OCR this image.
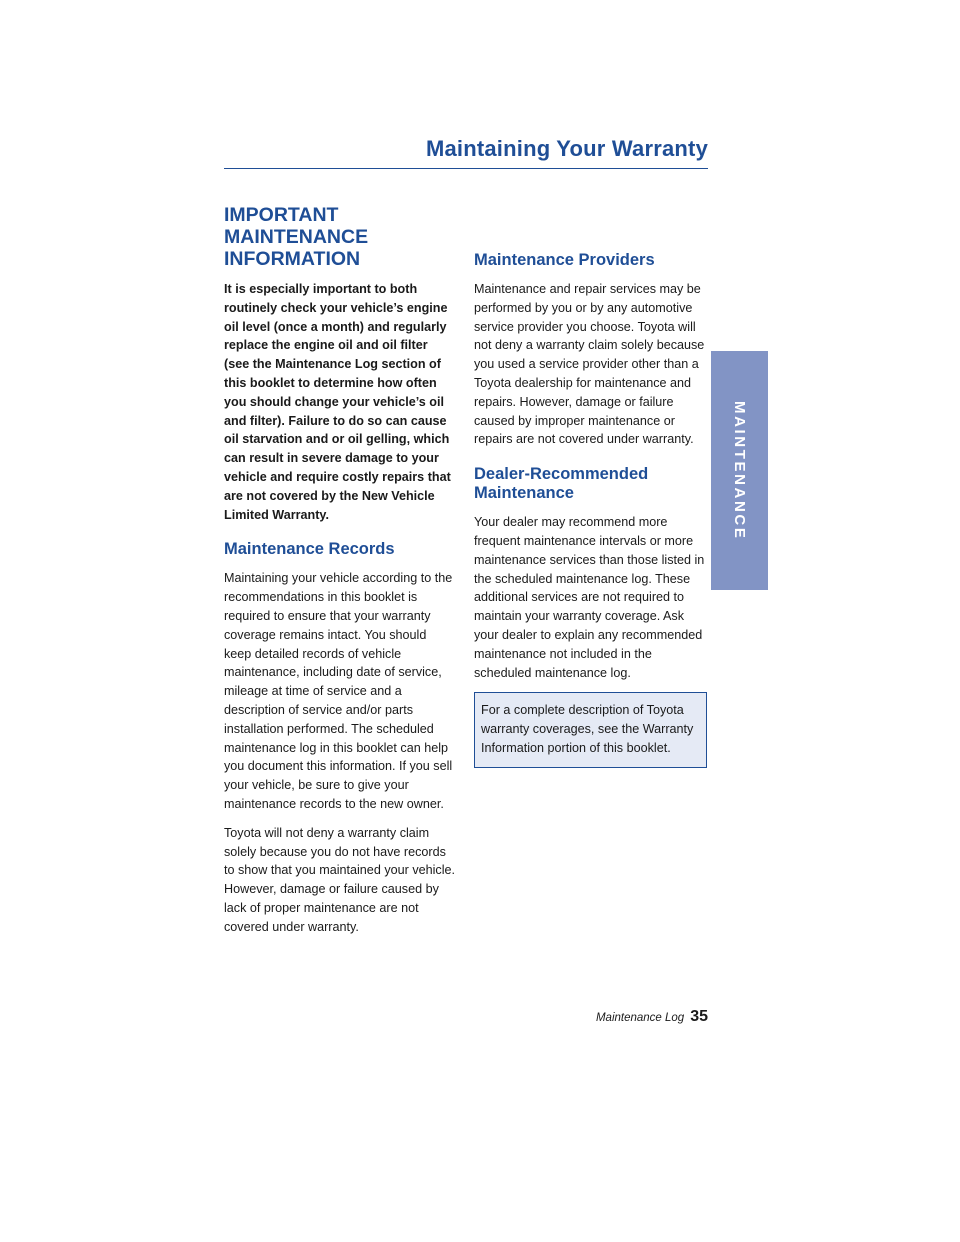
Maintaining Your Warranty
IMPORTANT MAINTENANCE
INFORMATION

It is especially important to both routinely check your vehicle’s engine oil level (once a month) and regularly replace the engine oil and oil filter (see the Maintenance Log section of this booklet to determine how often you should change your vehicle’s oil and filter). Failure to do so can cause oil starvation and or oil gelling, which can result in severe damage to your vehicle and require costly repairs that are not covered by the New Vehicle Limited Warranty.

Maintenance Records

Maintaining your vehicle according to the recommendations in this booklet is required to ensure that your warranty coverage remains intact. You should keep detailed records of vehicle maintenance, including date of service, mileage at time of service and a description of service and/or parts installation performed. The scheduled maintenance log in this booklet can help you document this information. If you sell your vehicle, be sure to give your maintenance records to the new owner.

Toyota will not deny a warranty claim solely because you do not have records to show that you maintained your vehicle. However, damage or failure caused by lack of proper maintenance are not covered under warranty.

Maintenance Providers

Maintenance and repair services may be performed by you or by any automotive service provider you choose. Toyota will not deny a warranty claim solely because you used a service provider other than a Toyota dealership for maintenance and repairs. However, damage or failure caused by improper maintenance or repairs are not covered under warranty.

Dealer-Recommended
Maintenance

Your dealer may recommend more frequent maintenance intervals or more maintenance services than those listed in the scheduled maintenance log. These additional services are not required to maintain your warranty coverage. Ask your dealer to explain any recommended maintenance not included in the scheduled maintenance log.

For a complete description of Toyota warranty coverages, see the Warranty Information portion of this booklet.
MAINTENANCE
Maintenance Log 35
